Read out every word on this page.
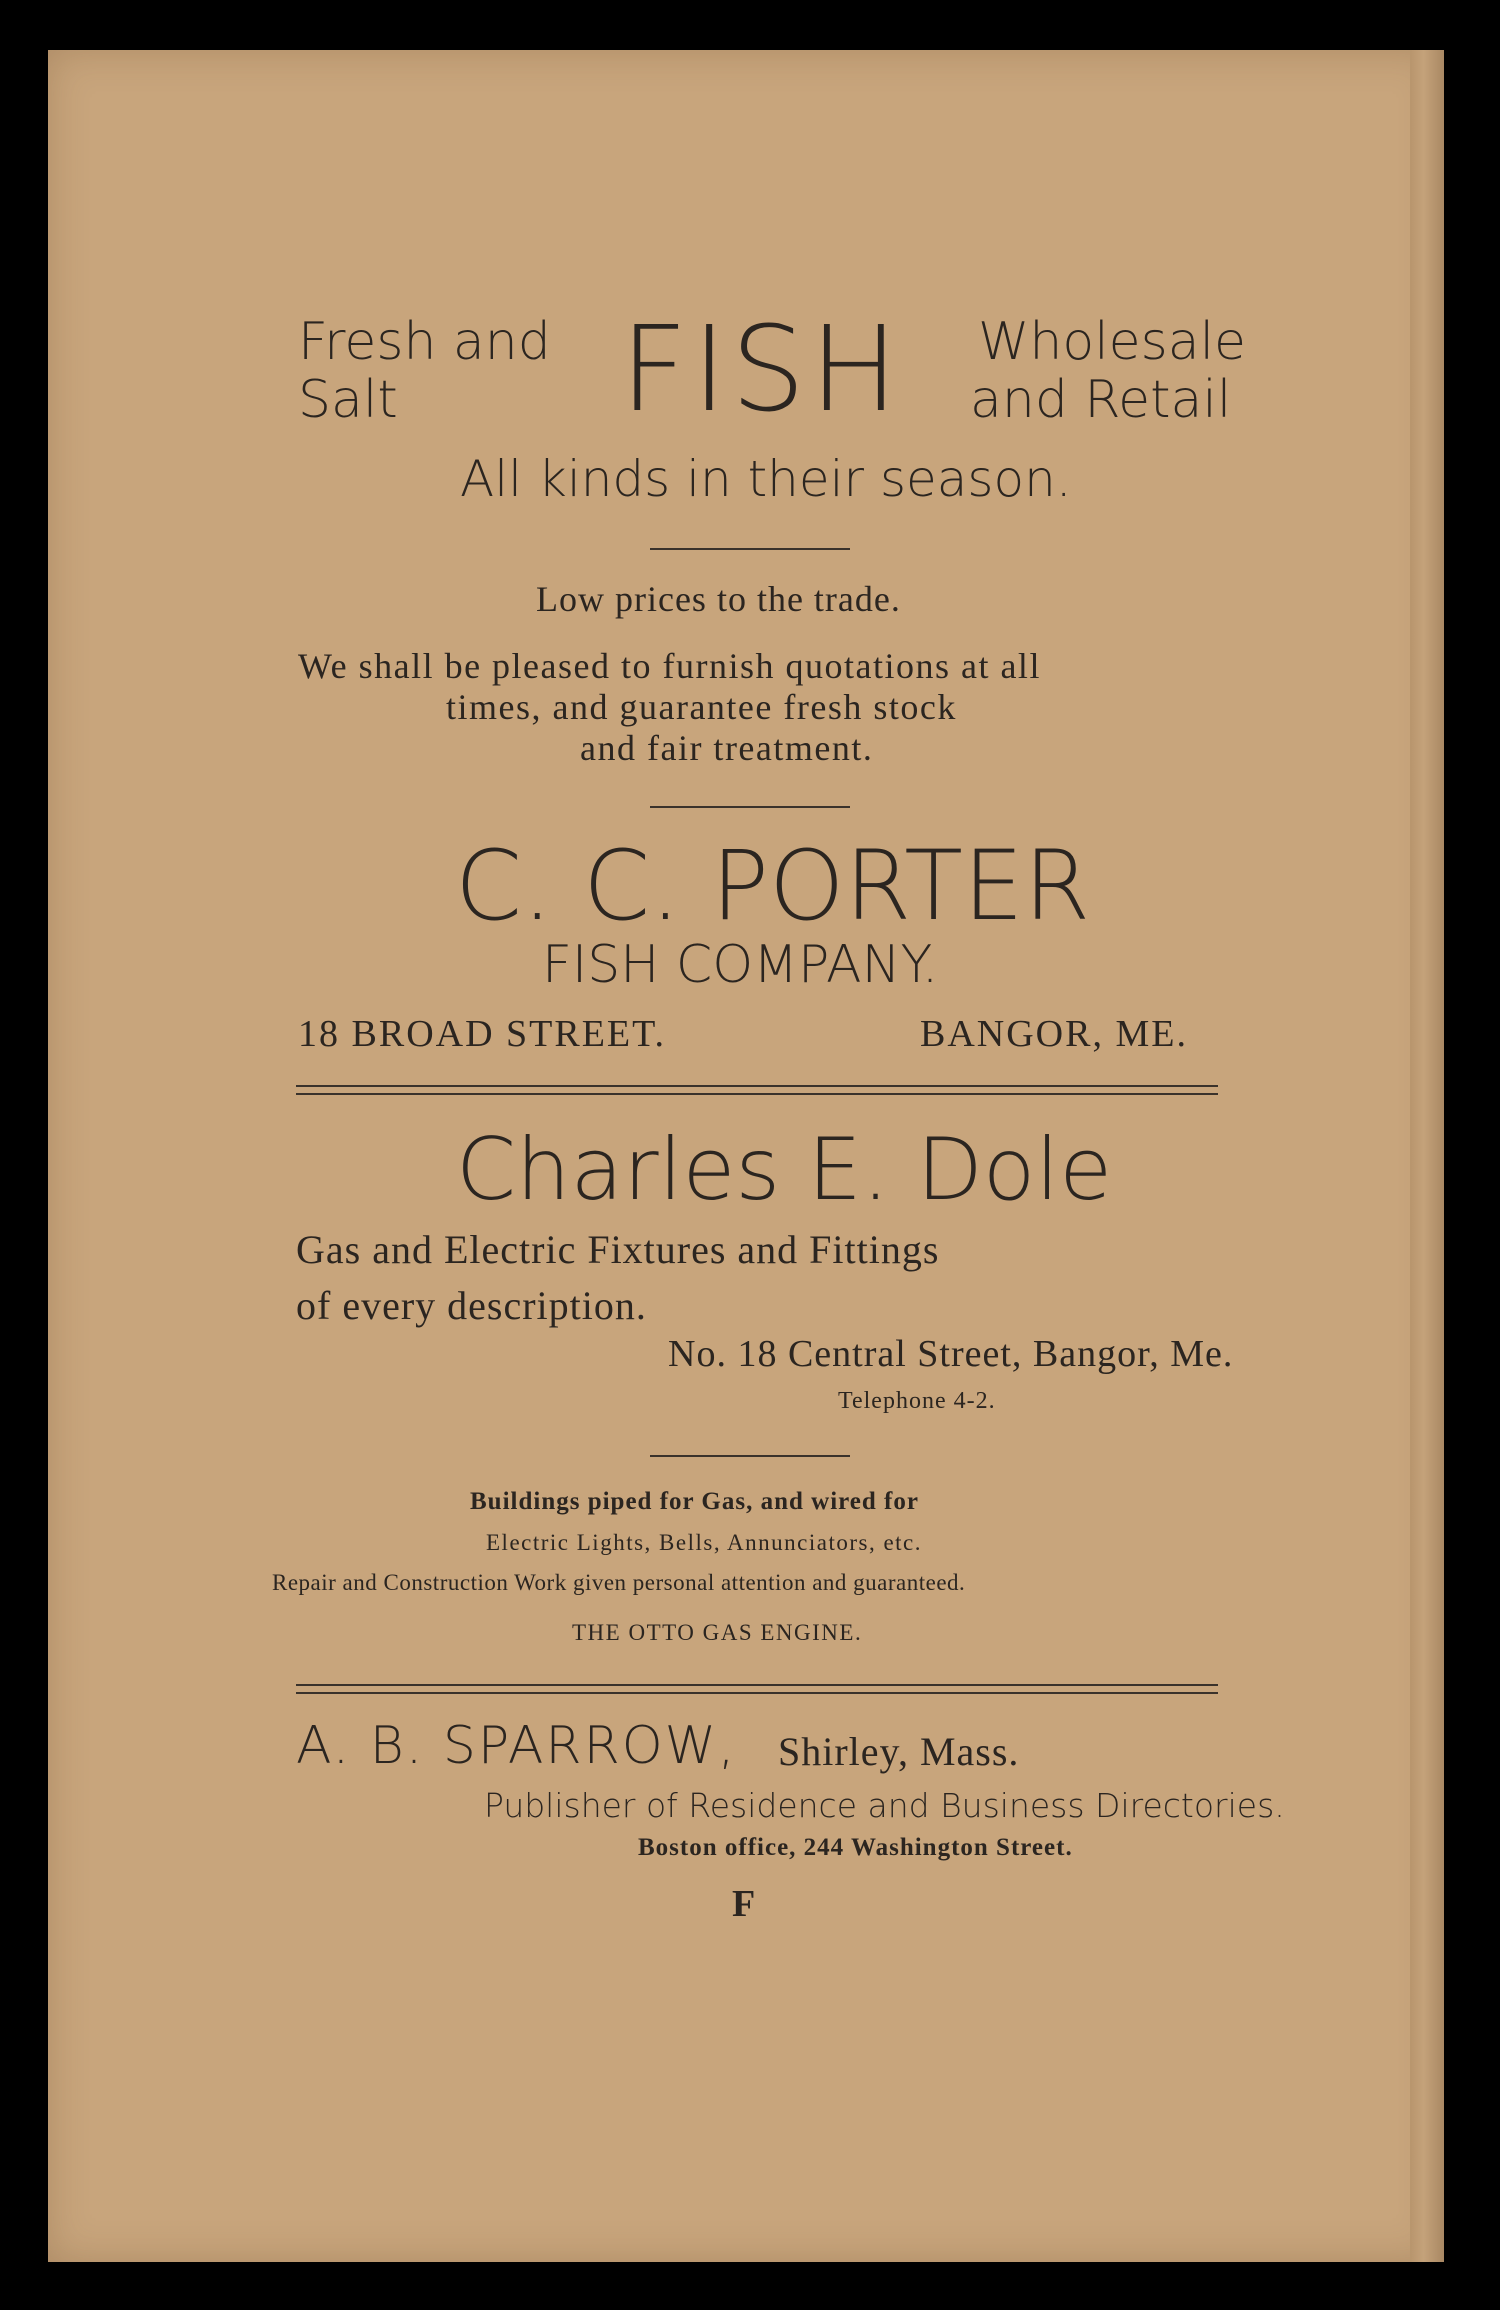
Fresh and
Salt FISH Wholesale
and Retail
All kinds in their season.
Low prices to the trade.
We shall be pleased to furnish quotations at all
times, and guarantee fresh stock
and fair treatment.
C. C. PORTER
FISH COMPANY.
18 BROAD STREET.	BANGOR, ME.
Charles E. Dole
Gas and Electric Fixtures and Fittings
of every description.
No. 18 Central Street, Bangor, Me.
Telephone 4-2.
Buildings piped for Gas, and wired for
Electric Lights, Bells, Annunciators, etc.
Repair and Construction Work given personal attention and guaranteed.
THE OTTO GAS ENGINE.
A. B. SPARROW, Shirley, Mass.
Publisher of Residence and Business Directories.
Boston office, 244 Washington Street.
F
